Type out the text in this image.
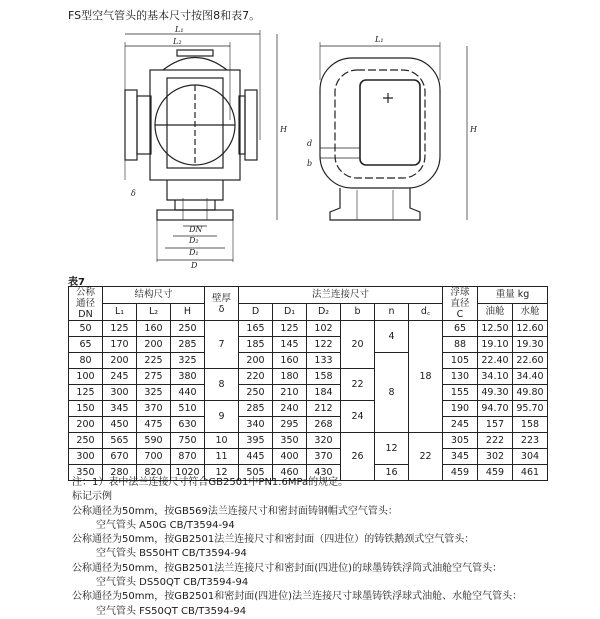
FS型空气管头的基本尺寸按图8和表7。
L₁
L₂
H
DN
D₂
D₁
D
δ
L₁
H
d
b
表7
公称
通径
DN	结构尺寸			壁厚
δ	法兰连接尺寸						浮球
直径
C	重量 kg	
	L₁	L₂	H		D	D₁	D₂	b	n	d꜀		油舱	水舱
50	125	160	250	7	165	125	102	20	4	18	65	12.50	12.60
65	170	200	285		185	145	122				88	19.10	19.30
80	200	225	325		200	160	133		8		105	22.40	22.60
100	245	275	380	8	220	180	158	22			130	34.10	34.40
125	300	325	440		250	210	184				155	49.30	49.80
150	345	370	510	9	285	240	212	24			190	94.70	95.70
200	450	475	630		340	295	268				245	157	158
250	565	590	750	10	395	350	320	26	12	22	305	222	223
300	670	700	870	11	445	400	370				345	302	304
350	280	820	1020	12	505	460	430		16		459	459	461
注：1）表中法兰连接尺寸符合GB2501中PN1.6MPa的规定。
标记示例
公称通径为50mm，按GB569法兰连接尺寸和密封面铸钢帽式空气管头：
空气管头 A50G CB/T3594-94
公称通径为50mm，按GB2501法兰连接尺寸和密封面（四进位）的铸铁鹅颈式空气管头：
空气管头 BS50HT CB/T3594-94
公称通径为50mm，按GB2501法兰连接尺寸和密封面(四进位)的球墨铸铁浮筒式油舱空气管头：
空气管头 DS50QT CB/T3594-94
公称通径为50mm，按GB2501和密封面(四进位)法兰连接尺寸球墨铸铁浮球式油舱、水舱空气管头：
空气管头 FS50QT CB/T3594-94
